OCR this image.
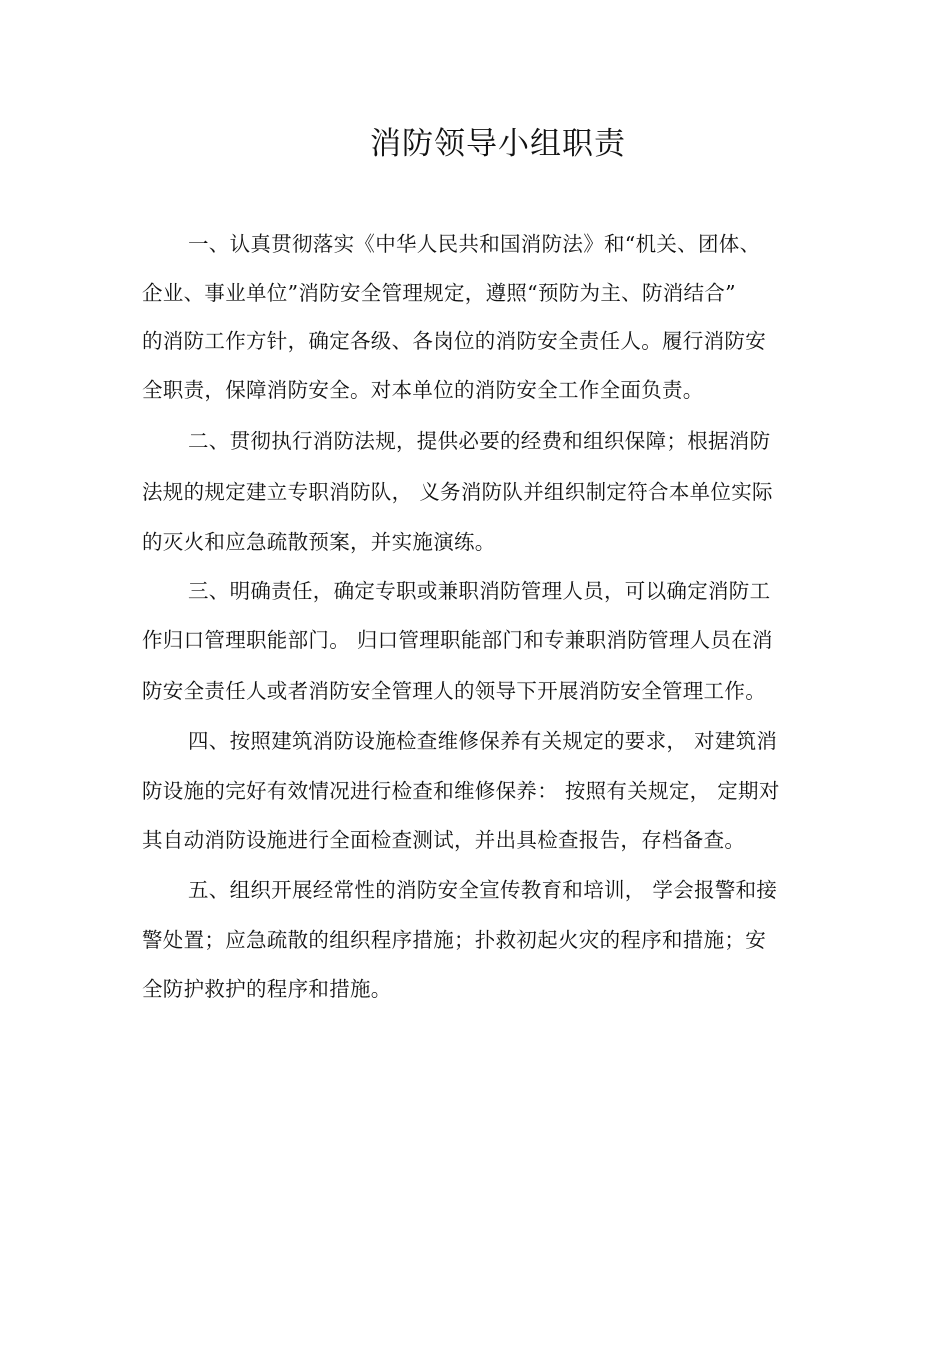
消防领导小组职责
一、认真贯彻落实《中华人民共和国消防法》和“机关、团体、
企业、事业单位”消防安全管理规定，遵照“预防为主、防消结合”
的消防工作方针，确定各级、各岗位的消防安全责任人。履行消防安
全职责，保障消防安全。对本单位的消防安全工作全面负责。
二、贯彻执行消防法规，提供必要的经费和组织保障；根据消防
法规的规定建立专职消防队， 义务消防队并组织制定符合本单位实际
的灭火和应急疏散预案，并实施演练。
三、明确责任，确定专职或兼职消防管理人员，可以确定消防工
作归口管理职能部门。 归口管理职能部门和专兼职消防管理人员在消
防安全责任人或者消防安全管理人的领导下开展消防安全管理工作。
四、按照建筑消防设施检查维修保养有关规定的要求， 对建筑消
防设施的完好有效情况进行检查和维修保养： 按照有关规定， 定期对
其自动消防设施进行全面检查测试，并出具检查报告，存档备查。
五、组织开展经常性的消防安全宣传教育和培训， 学会报警和接
警处置；应急疏散的组织程序措施；扑救初起火灾的程序和措施；安
全防护救护的程序和措施。
